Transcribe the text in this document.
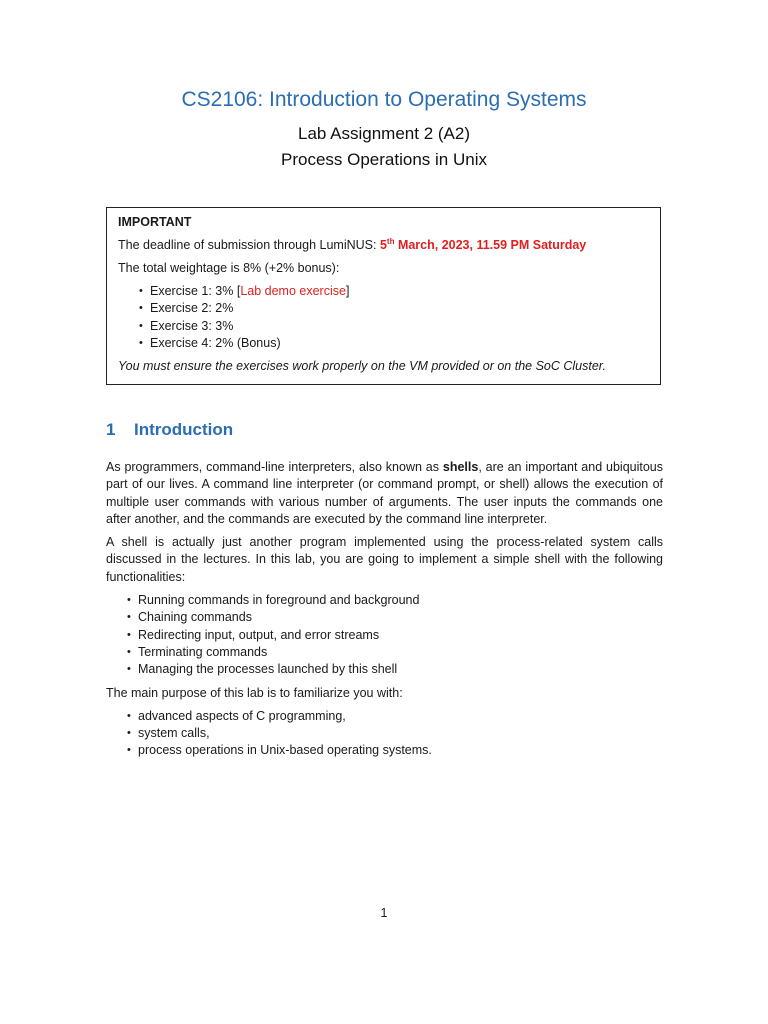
CS2106: Introduction to Operating Systems
Lab Assignment 2 (A2)
Process Operations in Unix
IMPORTANT
The deadline of submission through LumiNUS: 5th March, 2023, 11.59 PM Saturday
The total weightage is 8% (+2% bonus):
• Exercise 1: 3% [Lab demo exercise]
• Exercise 2: 2%
• Exercise 3: 3%
• Exercise 4: 2% (Bonus)
You must ensure the exercises work properly on the VM provided or on the SoC Cluster.
1 Introduction

As programmers, command-line interpreters, also known as shells, are an important and ubiquitous part of our lives. A command line interpreter (or command prompt, or shell) allows the execution of multiple user commands with various number of arguments. The user inputs the commands one after another, and the commands are executed by the command line interpreter.

A shell is actually just another program implemented using the process-related system calls discussed in the lectures. In this lab, you are going to implement a simple shell with the following functionalities:

• Running commands in foreground and background
• Chaining commands
• Redirecting input, output, and error streams
• Terminating commands
• Managing the processes launched by this shell

The main purpose of this lab is to familiarize you with:

• advanced aspects of C programming,
• system calls,
• process operations in Unix-based operating systems.
1
